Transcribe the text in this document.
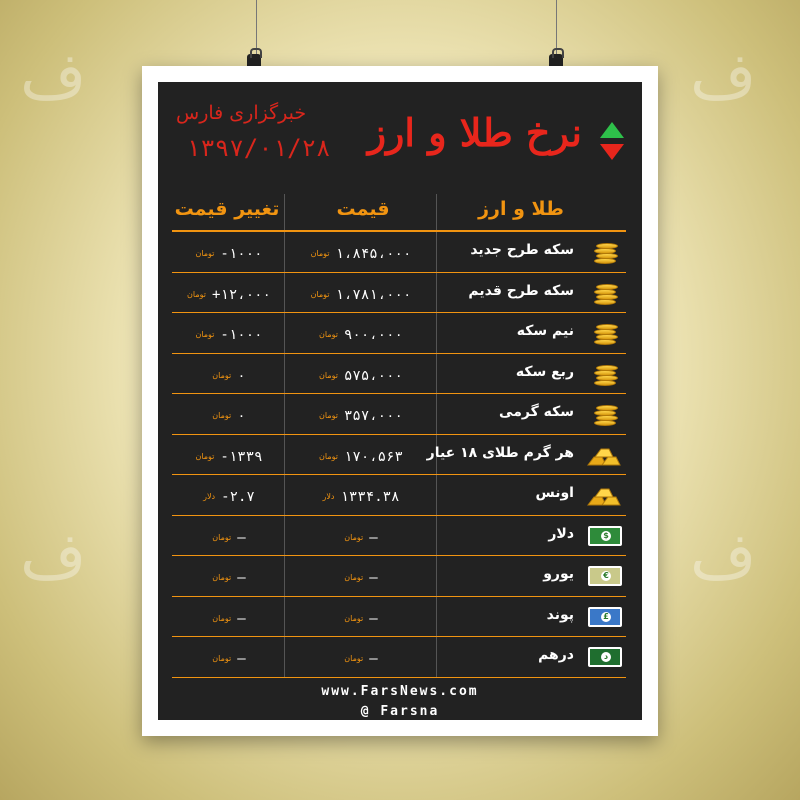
ف
ف
ف
ف
خبرگزاری فارس
۱۳۹۷/۰۱/۲۸ نرخ طلا و ارز
تغییر قیمت	قیمت	طلا و ارز
سکه طرح جدید
۱،۸۴۵،۰۰۰تومان
۱۰۰۰-تومان
سکه طرح قدیم
۱،۷۸۱،۰۰۰تومان
۱۲،۰۰۰+تومان
نیم سکه
۹۰۰،۰۰۰تومان
۱۰۰۰-تومان
ربع سکه
۵۷۵،۰۰۰تومان
۰تومان
سکه گرمی
۳۵۷،۰۰۰تومان
۰تومان
هر گرم طلای ۱۸ عیار
۱۷۰،۵۶۳تومان
۱۳۳۹-تومان
اونس
۱۳۳۴.۳۸دلار
۲.۷-دلار
$
دلار
–تومان
–تومان
€
یورو
–تومان
–تومان
£
پوند
–تومان
–تومان
د
درهم
–تومان
–تومان
www.FarsNews.com
@ Farsna
